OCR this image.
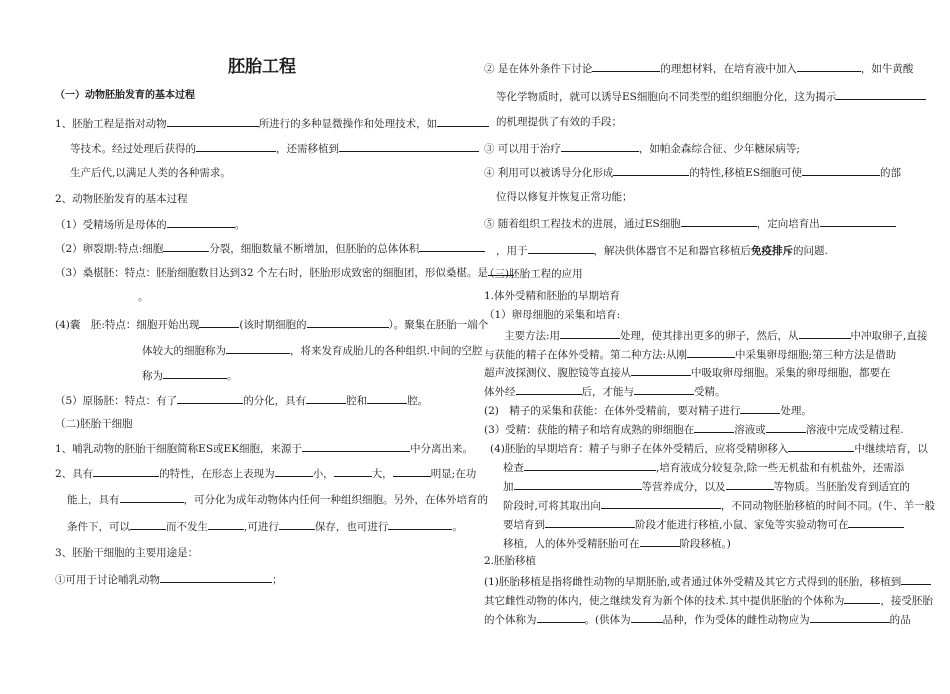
胚胎工程
（一）动物胚胎发育的基本过程
1、胚胎工程是指对动物	所进行的多种显微操作和处理技术，如
等技术。经过处理后获得的	，还需移植到
生产后代,以满足人类的各种需求。
2、动物胚胎发育的基本过程
（1）受精场所是母体的	。
（2）卵裂期:特点:细胞	分裂，细胞数量不断增加，但胚胎的总体体积
（3）桑椹胚：特点：胚胎细胞数目达到32 个左右时，胚胎形成致密的细胞团，形似桑椹。是
。
(4)囊　胚:特点：细胞开始出现	(该时期细胞的	）。聚集在胚胎一端个
体较大的细胞称为	，将来发育成胎儿的各种组织.中间的空腔
称为	。
（5）原肠胚：特点：有了	的分化，具有	腔和	腔。
（二)胚胎干细胞
1、哺乳动物的胚胎干细胞简称ES或EK细胞，来源于	中分离出来。
2、具有	的特性，在形态上表现为	小，	大，	明显;在功
能上，具有	，可分化为成年动物体内任何一种组织细胞。另外，在体外培育的
条件下，可以	而不发生	,可进行	保存，也可进行	。
3、胚胎干细胞的主要用途是：
①可用于讨论哺乳动物	；
② 是在体外条件下讨论	的理想材料，在培育液中加入	，如牛黄酸
等化学物质时，就可以诱导ES细胞向不同类型的组织细胞分化，这为揭示
的机理提供了有效的手段；
③ 可以用于治疗	，如帕金森综合征、少年糖尿病等;
④ 利用可以被诱导分化形成	的特性,移植ES细胞可使	的部
位得以修复并恢复正常功能；
⑤ 随着组织工程技术的进展，通过ES细胞	，定向培育出
，用于	，解决供体器官不足和器官移植后免疫排斥的问题.
（三)胚胎工程的应用
1.体外受精和胚胎的早期培育
（1）卵母细胞的采集和培育:
主要方法:用	处理，使其排出更多的卵子，然后，从	中冲取卵子,直接
与获能的精子在体外受精。第二种方法:从刚	中采集卵母细胞;第三种方法是借助
超声波探测仪、腹腔镜等直接从	中吸取卵母细胞。采集的卵母细胞，都要在
体外经	后，才能与	受精。
(2)　精子的采集和获能：在体外受精前，要对精子进行	处理。
(3）受精：获能的精子和培育成熟的卵细胞在	溶液或	溶液中完成受精过程.
(4)胚胎的早期培育：精子与卵子在体外受精后，应将受精卵移入	中继续培育，以
检查	,培育液成分较复杂,除一些无机盐和有机盐外，还需添
加	等营养成分，以及	等物质。当胚胎发育到适宜的
阶段时,可将其取出向	，不同动物胚胎移植的时间不同。(牛、羊一般
要培育到	阶段才能进行移植,小鼠、家兔等实验动物可在
移植，人的体外受精胚胎可在	阶段移植。)
2.胚胎移植
(1)胚胎移植是指将雌性动物的早期胚胎,或者通过体外受精及其它方式得到的胚胎，移植到
其它雌性动物的体内，使之继续发育为新个体的技术.其中提供胚胎的个体称为	，接受胚胎
的个体称为	。(供体为	品种，作为受体的雌性动物应为	的品
